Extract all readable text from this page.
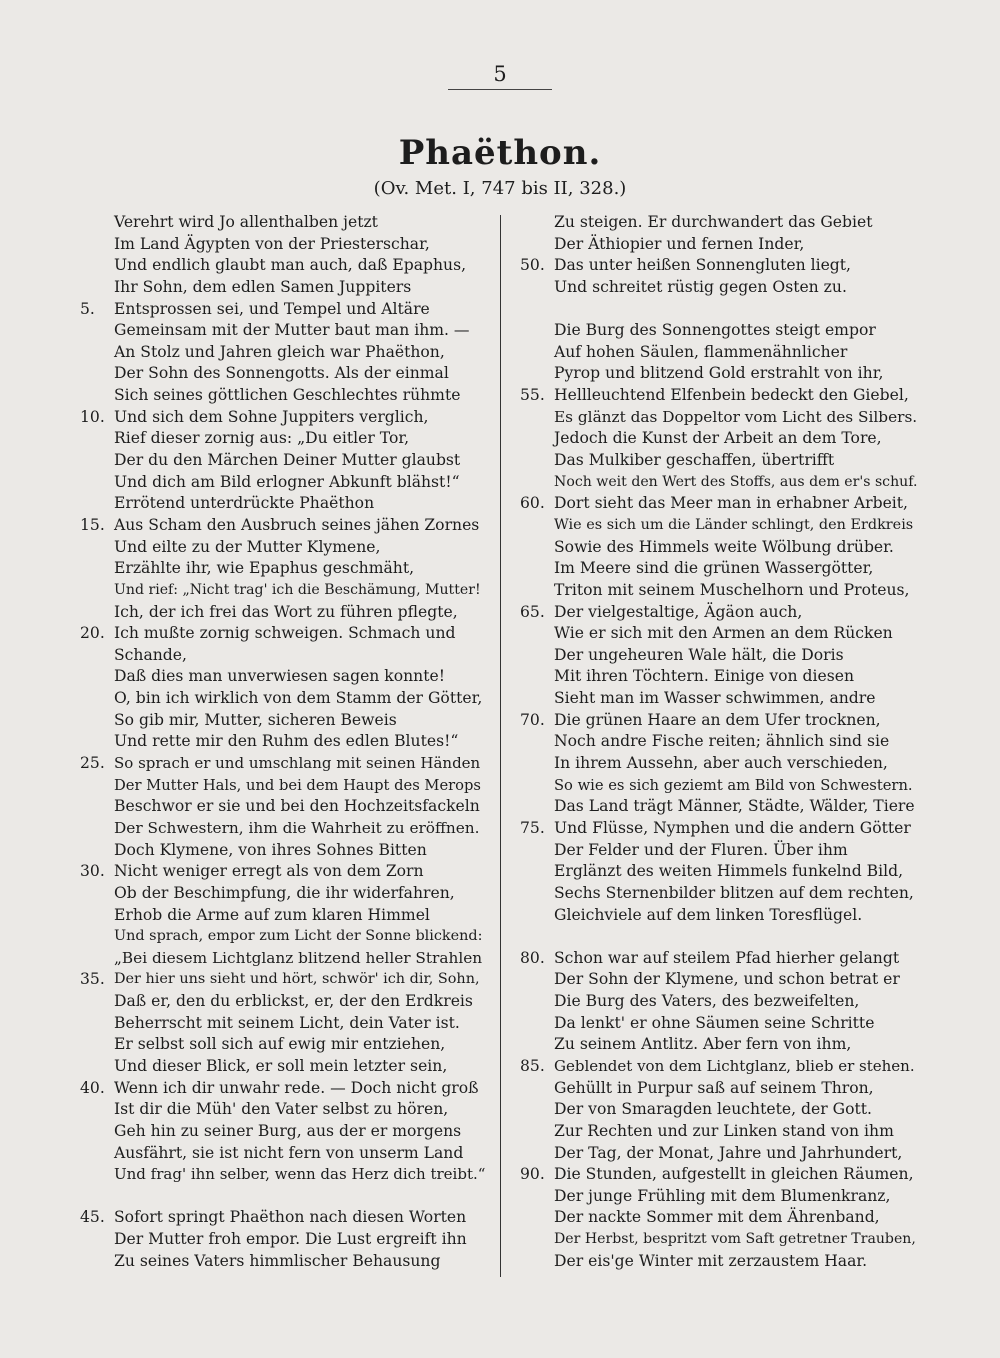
5
Phaëthon.
(Ov. Met. I, 747 bis II, 328.)
Verehrt wird Jo allenthalben jetzt
Im Land Ägypten von der Priesterschar,
Und endlich glaubt man auch, daß Epaphus,
Ihr Sohn, dem edlen Samen Juppiters
5.	Entsprossen sei, und Tempel und Altäre
Gemeinsam mit der Mutter baut man ihm. —
An Stolz und Jahren gleich war Phaëthon,
Der Sohn des Sonnengotts. Als der einmal
Sich seines göttlichen Geschlechtes rühmte
10. Und sich dem Sohne Juppiters verglich,
Rief dieser zornig aus: „Du eitler Tor,
Der du den Märchen Deiner Mutter glaubst
Und dich am Bild erlogner Abkunft blähst!“
Errötend unterdrückte Phaëthon
15. Aus Scham den Ausbruch seines jähen Zornes
Und eilte zu der Mutter Klymene,
Erzählte ihr, wie Epaphus geschmäht,
Und rief: „Nicht trag' ich die Beschämung, Mutter!
Ich, der ich frei das Wort zu führen pflegte,
20. Ich mußte zornig schweigen. Schmach und
Schande,
Daß dies man unverwiesen sagen konnte!
O, bin ich wirklich von dem Stamm der Götter,
So gib mir, Mutter, sicheren Beweis
Und rette mir den Ruhm des edlen Blutes!“
25. So sprach er und umschlang mit seinen Händen
Der Mutter Hals, und bei dem Haupt des Merops
Beschwor er sie und bei den Hochzeitsfackeln
Der Schwestern, ihm die Wahrheit zu eröffnen.
Doch Klymene, von ihres Sohnes Bitten
30. Nicht weniger erregt als von dem Zorn
Ob der Beschimpfung, die ihr widerfahren,
Erhob die Arme auf zum klaren Himmel
Und sprach, empor zum Licht der Sonne blickend:
„Bei diesem Lichtglanz blitzend heller Strahlen
35. Der hier uns sieht und hört, schwör' ich dir, Sohn,
Daß er, den du erblickst, er, der den Erdkreis
Beherrscht mit seinem Licht, dein Vater ist.
Er selbst soll sich auf ewig mir entziehen,
Und dieser Blick, er soll mein letzter sein,
40. Wenn ich dir unwahr rede. — Doch nicht groß
Ist dir die Müh' den Vater selbst zu hören,
Geh hin zu seiner Burg, aus der er morgens
Ausfährt, sie ist nicht fern von unserm Land
Und frag' ihn selber, wenn das Herz dich treibt.“
45. Sofort springt Phaëthon nach diesen Worten
Der Mutter froh empor. Die Lust ergreift ihn
Zu seines Vaters himmlischer Behausung
Zu steigen. Er durchwandert das Gebiet
Der Äthiopier und fernen Inder,
50. Das unter heißen Sonnengluten liegt,
Und schreitet rüstig gegen Osten zu.
Die Burg des Sonnengottes steigt empor
Auf hohen Säulen, flammenähnlicher
Pyrop und blitzend Gold erstrahlt von ihr,
55. Hellleuchtend Elfenbein bedeckt den Giebel,
Es glänzt das Doppeltor vom Licht des Silbers.
Jedoch die Kunst der Arbeit an dem Tore,
Das Mulkiber geschaffen, übertrifft
Noch weit den Wert des Stoffs, aus dem er's schuf.
60. Dort sieht das Meer man in erhabner Arbeit,
Wie es sich um die Länder schlingt, den Erdkreis
Sowie des Himmels weite Wölbung drüber.
Im Meere sind die grünen Wassergötter,
Triton mit seinem Muschelhorn und Proteus,
65. Der vielgestaltige, Ägäon auch,
Wie er sich mit den Armen an dem Rücken
Der ungeheuren Wale hält, die Doris
Mit ihren Töchtern. Einige von diesen
Sieht man im Wasser schwimmen, andre
70. Die grünen Haare an dem Ufer trocknen,
Noch andre Fische reiten; ähnlich sind sie
In ihrem Aussehn, aber auch verschieden,
So wie es sich geziemt am Bild von Schwestern.
Das Land trägt Männer, Städte, Wälder, Tiere
75. Und Flüsse, Nymphen und die andern Götter
Der Felder und der Fluren. Über ihm
Erglänzt des weiten Himmels funkelnd Bild,
Sechs Sternenbilder blitzen auf dem rechten,
Gleichviele auf dem linken Toresflügel.
80. Schon war auf steilem Pfad hierher gelangt
Der Sohn der Klymene, und schon betrat er
Die Burg des Vaters, des bezweifelten,
Da lenkt' er ohne Säumen seine Schritte
Zu seinem Antlitz. Aber fern von ihm,
85. Geblendet von dem Lichtglanz, blieb er stehen.
Gehüllt in Purpur saß auf seinem Thron,
Der von Smaragden leuchtete, der Gott.
Zur Rechten und zur Linken stand von ihm
Der Tag, der Monat, Jahre und Jahrhundert,
90. Die Stunden, aufgestellt in gleichen Räumen,
Der junge Frühling mit dem Blumenkranz,
Der nackte Sommer mit dem Ährenband,
Der Herbst, bespritzt vom Saft getretner Trauben,
Der eis'ge Winter mit zerzaustem Haar.
